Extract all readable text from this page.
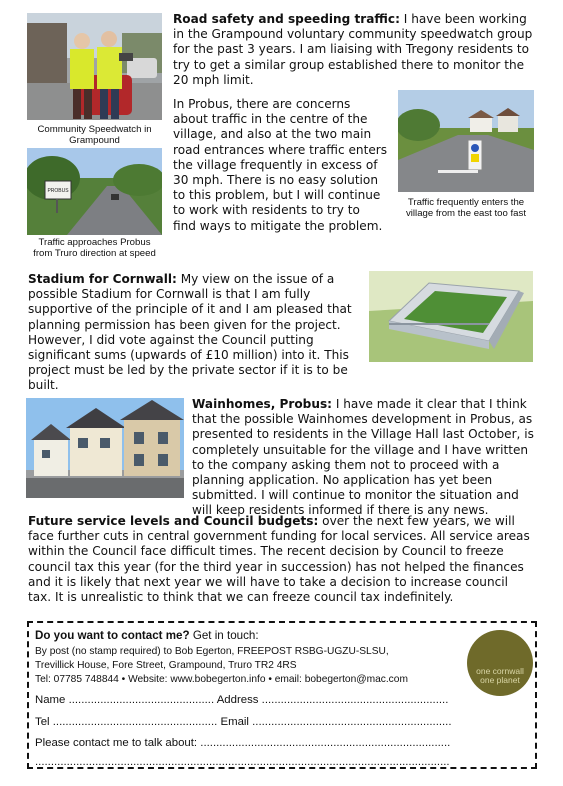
Community Speedwatch in
Grampound
PROBUS
Traffic approaches Probus
from Truro direction at speed
Road safety and speeding traffic: I have been working
in the Grampound voluntary community speedwatch group
for the past 3 years. I am liaising with Tregony residents to
try to get a similar group established there to monitor the
20 mph limit.
In Probus, there are concerns
about traffic in the centre of the
village, and also at the two main
road entrances where traffic enters
the village frequently in excess of
30 mph. There is no easy solution
to this problem, but I will continue
to work with residents to try to
find ways to mitigate the problem.
Traffic frequently enters the
village from the east too fast
Stadium for Cornwall: My view on the issue of a
possible Stadium for Cornwall is that I am fully
supportive of the principle of it and I am pleased that
planning permission has been given for the project.
However, I did vote against the Council putting
significant sums (upwards of £10 million) into it. This
project must be led by the private sector if it is to be
built.
Wainhomes, Probus: I have made it clear that I think
that the possible Wainhomes development in Probus, as
presented to residents in the Village Hall last October, is
completely unsuitable for the village and I have written
to the company asking them not to proceed with a
planning application. No application has yet been
submitted. I will continue to monitor the situation and
will keep residents informed if there is any news.
Future service levels and Council budgets: over the next few years, we will
face further cuts in central government funding for local services. All service areas
within the Council face difficult times. The recent decision by Council to freeze
council tax this year (for the third year in succession) has not helped the finances
and it is likely that next year we will have to take a decision to increase council
tax. It is unrealistic to think that we can freeze council tax indefinitely.
Do you want to contact me? Get in touch:
By post (no stamp required) to Bob Egerton, FREEPOST RSBG-UGZU-SLSU,
Trevillick House, Fore Street, Grampound, Truro TR2 4RS
Tel: 07785 748844 • Website: www.bobegerton.info • email: bobegerton@mac.com
one cornwall
one planet
Name .............................................. Address ...........................................................
Tel .................................................... Email ...............................................................
Please contact me to talk about: ...............................................................................
...................................................................................................................................
